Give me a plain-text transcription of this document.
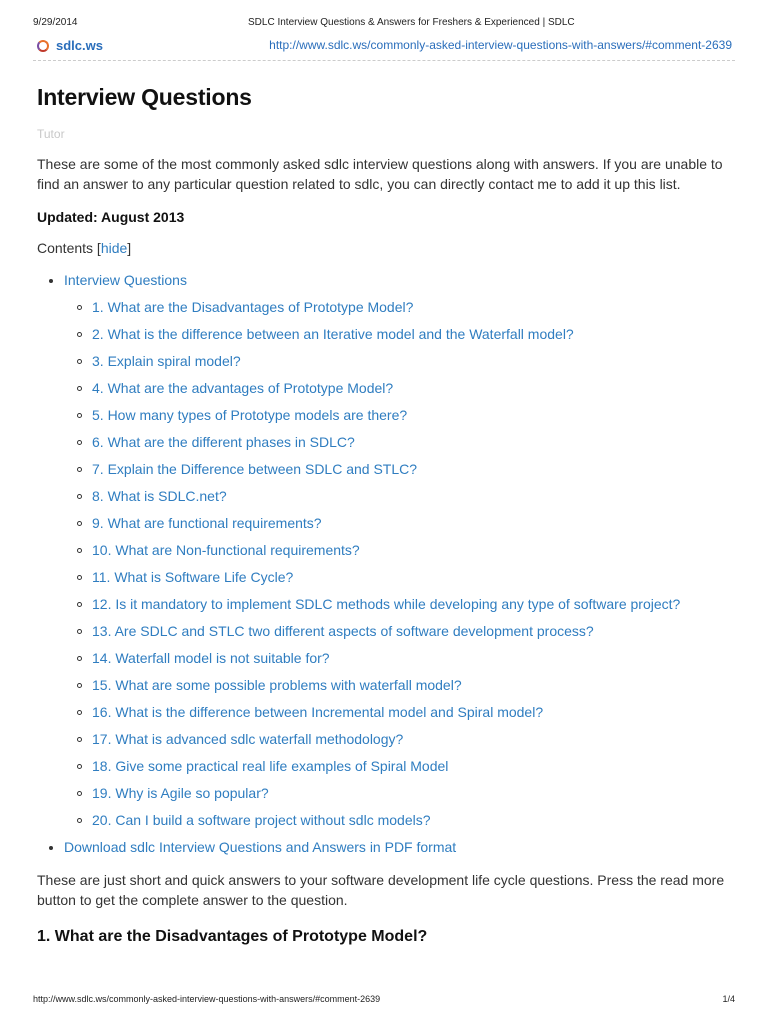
9/29/2014	SDLC Interview Questions & Answers for Freshers & Experienced | SDLC
sdlc.ws	http://www.sdlc.ws/commonly-asked-interview-questions-with-answers/#comment-2639
Interview Questions
Tutor

These are some of the most commonly asked sdlc interview questions along with answers. If you are unable to find an answer to any particular question related to sdlc, you can directly contact me to add it up this list.

Updated: August 2013

Contents [hide]
Interview Questions
1. What are the Disadvantages of Prototype Model?
2. What is the difference between an Iterative model and the Waterfall model?
3. Explain spiral model?
4. What are the advantages of Prototype Model?
5. How many types of Prototype models are there?
6. What are the different phases in SDLC?
7. Explain the Difference between SDLC and STLC?
8. What is SDLC.net?
9. What are functional requirements?
10. What are Non-functional requirements?
11. What is Software Life Cycle?
12. Is it mandatory to implement SDLC methods while developing any type of software project?
13. Are SDLC and STLC two different aspects of software development process?
14. Waterfall model is not suitable for?
15. What are some possible problems with waterfall model?
16. What is the difference between Incremental model and Spiral model?
17. What is advanced sdlc waterfall methodology?
18. Give some practical real life examples of Spiral Model
19. Why is Agile so popular?
20. Can I build a software project without sdlc models?
Download sdlc Interview Questions and Answers in PDF format

These are just short and quick answers to your software development life cycle questions. Press the read more button to get the complete answer to the question.

1. What are the Disadvantages of Prototype Model?
http://www.sdlc.ws/commonly-asked-interview-questions-with-answers/#comment-2639	1/4
